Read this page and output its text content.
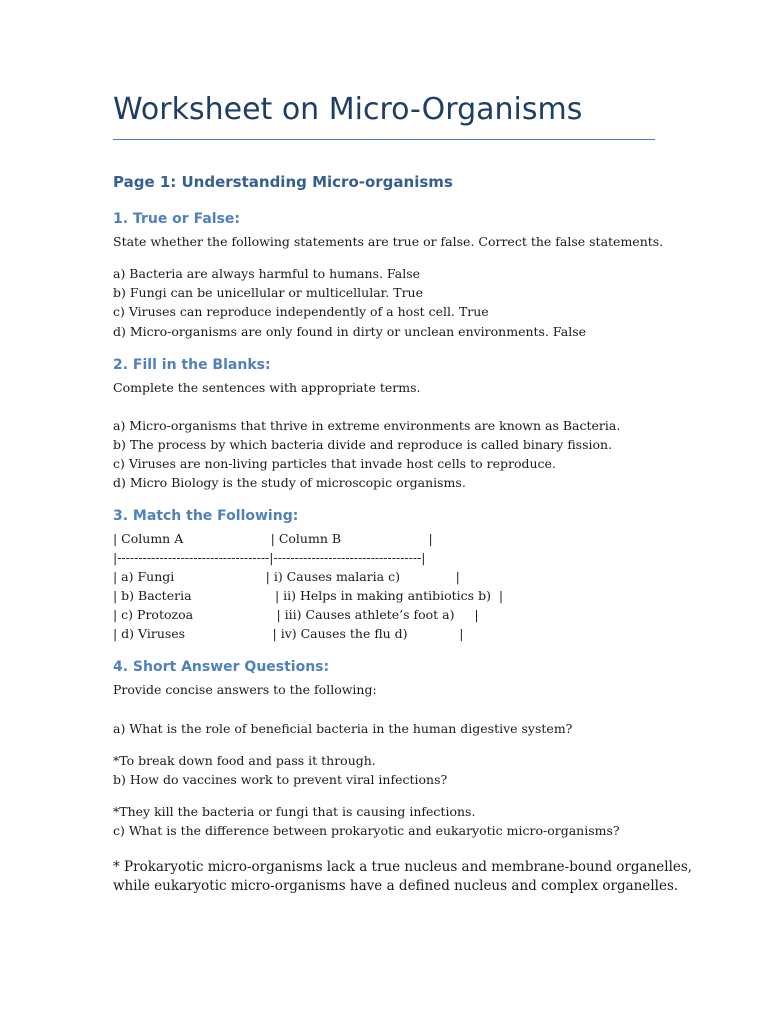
Worksheet on Micro-Organisms
Page 1: Understanding Micro-organisms
1. True or False:
State whether the following statements are true or false. Correct the false statements.
a) Bacteria are always harmful to humans. False
b) Fungi can be unicellular or multicellular. True
c) Viruses can reproduce independently of a host cell. True
d) Micro-organisms are only found in dirty or unclean environments. False
2. Fill in the Blanks:
Complete the sentences with appropriate terms.
a) Micro-organisms that thrive in extreme environments are known as Bacteria.
b) The process by which bacteria divide and reproduce is called binary fission.
c) Viruses are non-living particles that invade host cells to reproduce.
d) Micro Biology is the study of microscopic organisms.
3. Match the Following:
| Column A                      | Column B                      |
|------------------------------------|-----------------------------------|
| a) Fungi                       | i) Causes malaria c)              |
| b) Bacteria                     | ii) Helps in making antibiotics b)  |
| c) Protozoa                     | iii) Causes athlete’s foot a)     |
| d) Viruses                      | iv) Causes the flu d)             |
4. Short Answer Questions:
Provide concise answers to the following:
a) What is the role of beneficial bacteria in the human digestive system?
*To break down food and pass it through.
b) How do vaccines work to prevent viral infections?
*They kill the bacteria or fungi that is causing infections.
c) What is the difference between prokaryotic and eukaryotic micro-organisms?
* Prokaryotic micro-organisms lack a true nucleus and membrane-bound organelles,
while eukaryotic micro-organisms have a defined nucleus and complex organelles.
